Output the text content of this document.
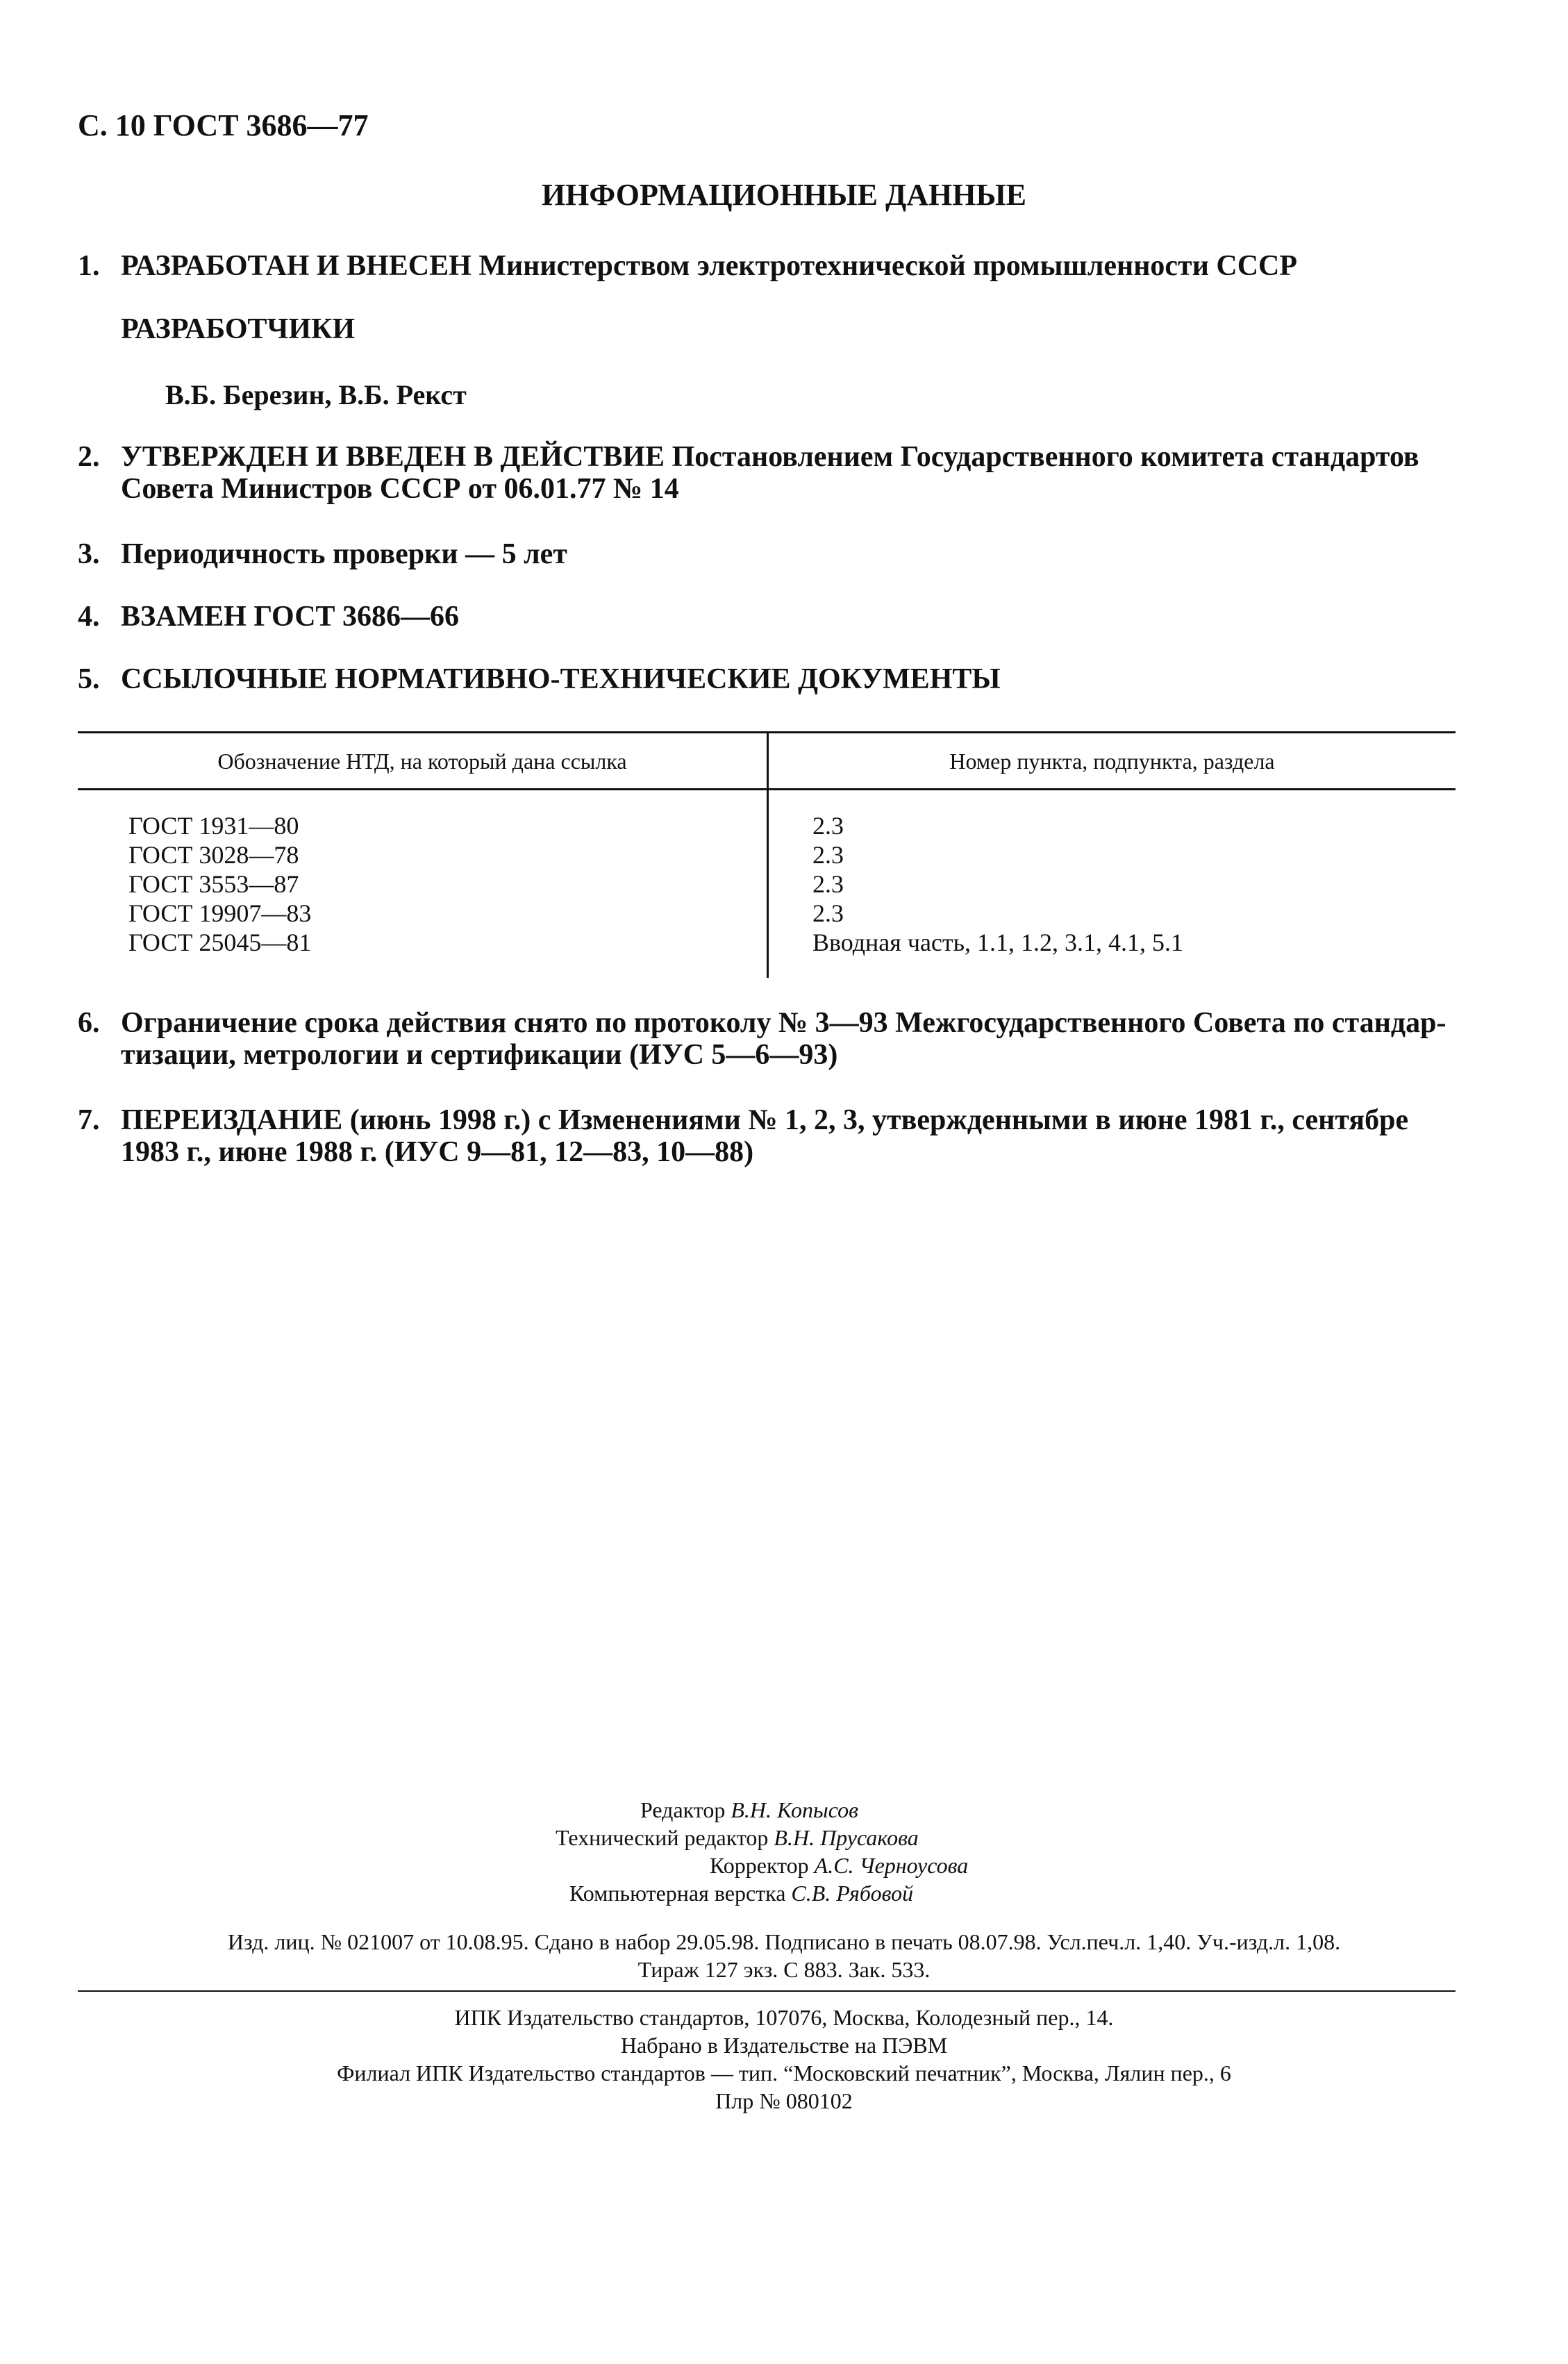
С. 10 ГОСТ 3686—77
ИНФОРМАЦИОННЫЕ ДАННЫЕ
1. РАЗРАБОТАН И ВНЕСЕН Министерством электротехнической промышленности СССР
РАЗРАБОТЧИКИ
В.Б. Березин, В.Б. Рекст
2. УТВЕРЖДЕН И ВВЕДЕН В ДЕЙСТВИЕ Постановлением Государственного комитета стандартов
Совета Министров СССР от 06.01.77 № 14
3. Периодичность проверки — 5 лет
4. ВЗАМЕН ГОСТ 3686—66
5. ССЫЛОЧНЫЕ НОРМАТИВНО-ТЕХНИЧЕСКИЕ ДОКУМЕНТЫ
Обозначение НТД, на который дана ссылка	Номер пункта, подпункта, раздела
ГОСТ 1931—80	2.3
ГОСТ 3028—78	2.3
ГОСТ 3553—87	2.3
ГОСТ 19907—83	2.3
ГОСТ 25045—81	Вводная часть, 1.1, 1.2, 3.1, 4.1, 5.1
6. Ограничение срока действия снято по протоколу № 3—93 Межгосударственного Совета по стандар-
тизации, метрологии и сертификации (ИУС 5—6—93)
7. ПЕРЕИЗДАНИЕ (июнь 1998 г.) с Изменениями № 1, 2, 3, утвержденными в июне 1981 г., сентябре
1983 г., июне 1988 г. (ИУС 9—81, 12—83, 10—88)
Редактор В.Н. Копысов
Технический редактор В.Н. Прусакова
Корректор А.С. Черноусова
Компьютерная верстка С.В. Рябовой
Изд. лиц. № 021007 от 10.08.95. Сдано в набор 29.05.98. Подписано в печать 08.07.98. Усл.печ.л. 1,40. Уч.-изд.л. 1,08.
Тираж 127 экз. С 883. Зак. 533.
ИПК Издательство стандартов, 107076, Москва, Колодезный пер., 14.
Набрано в Издательстве на ПЭВМ
Филиал ИПК Издательство стандартов — тип. “Московский печатник”, Москва, Лялин пер., 6
Плр № 080102
